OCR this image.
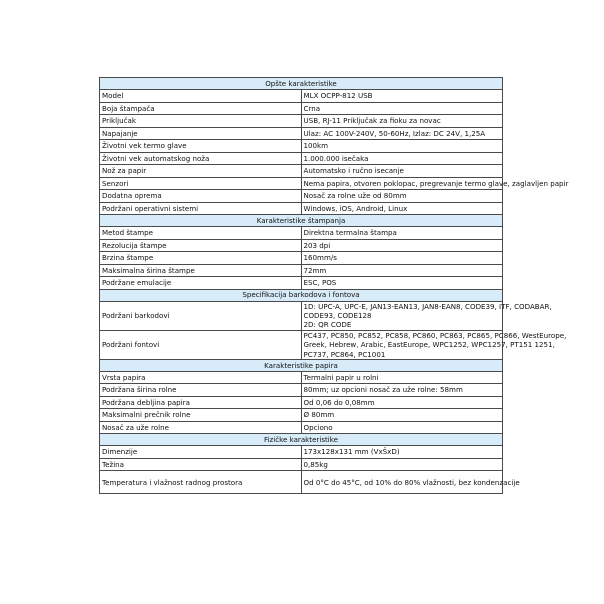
Opšte karakteristike	
Model	MLX OCPP-812 USB
Boja štampača	Crna
Priključak	USB, RJ-11 Priključak za fioku za novac
Napajanje	Ulaz: AC 100V-240V, 50-60Hz, Izlaz: DC 24V, 1,25A
Životni vek termo glave	100km
Životni vek automatskog noža	1.000.000 isečaka
Nož za papir	Automatsko i ručno isecanje
Senzori	Nema papira, otvoren poklopac, pregrevanje termo glave, zaglavljen papir
Dodatna oprema	Nosač za rolne uže od 80mm
Podržani operativni sistemi	Windows, iOS, Android, Linux
Karakteristike štampanja	
Metod štampe	Direktna termalna štampa
Rezolucija štampe	203 dpi
Brzina štampe	160mm/s
Maksimalna širina štampe	72mm
Podržane emulacije	ESC, POS
Specifikacija barkodova i fontova	
Podržani barkodovi	1D: UPC-A, UPC-E, JAN13-EAN13, JAN8-EAN8, CODE39, ITF, CODABAR,
CODE93, CODE128
2D: QR CODE

Podržani fontovi	PC437, PC850, PC852, PC858, PC860, PC863, PC865, PC866, WestEurope,
Greek, Hebrew, Arabic, EastEurope, WPC1252, WPC1257, PT151 1251,
PC737, PC864, PC1001

Karakteristike papira	
Vrsta papira	Termalni papir u rolni
Podržana širina rolne	80mm; uz opcioni nosač za uže rolne: 58mm
Podržana debljina papira	Od 0,06 do 0,08mm
Maksimalni prečnik rolne	Ø 80mm
Nosač za uže rolne	Opciono
Fizičke karakteristike	
Dimenzije	173x128x131 mm (VxŠxD)
Težina	0,85kg
Temperatura i vlažnost radnog prostora	Od 0°C do 45°C, od 10% do 80% vlažnosti, bez kondenzacije
